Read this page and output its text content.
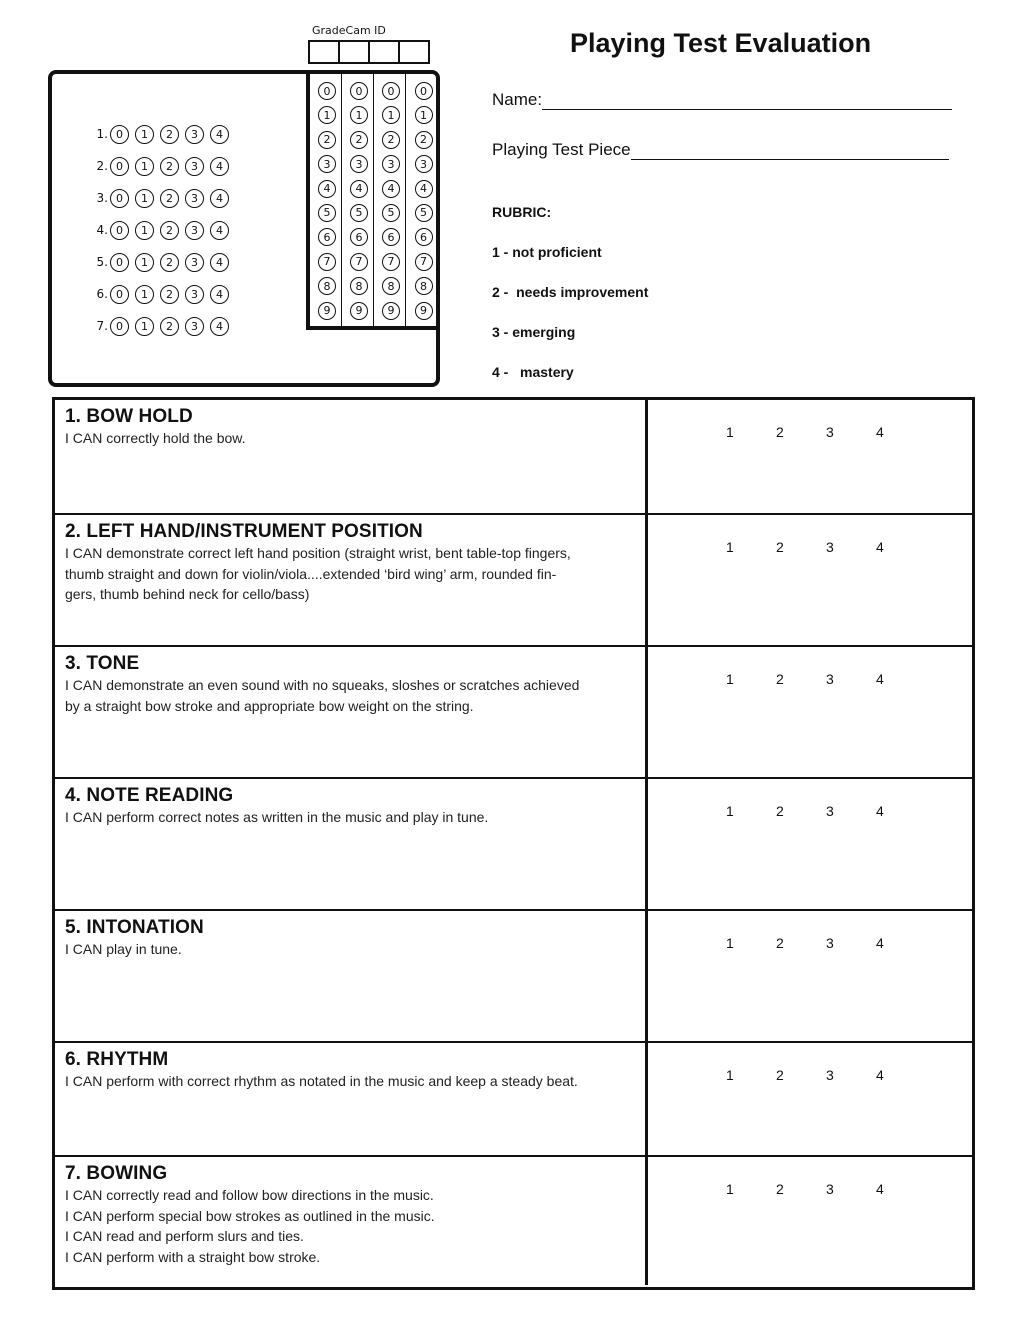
GradeCam ID
1. 0	1	2	3	4
2. 0	1	2	3	4
3. 0	1	2	3	4
4. 0	1	2	3	4
5. 0	1	2	3	4
6. 0	1	2	3	4
7. 0	1	2	3	4
0
1
2
3
4
5
6
7
8
9
0
1
2
3
4
5
6
7
8
9
0
1
2
3
4
5
6
7
8
9
0
1
2
3
4
5
6
7
8
9
Playing Test Evaluation
Name:
Playing Test Piece
RUBRIC:
1 - not proficient
2 -  needs improvement
3 - emerging
4 -   mastery
1. BOW HOLD
I CAN correctly hold the bow.	1	2	3	4
2. LEFT HAND/INSTRUMENT POSITION
I CAN demonstrate correct left hand position (straight wrist, bent table-top fingers,
thumb straight and down for violin/viola....extended ‘bird wing’ arm, rounded fin-
gers, thumb behind neck for cello/bass)
1	2	3	4
3. TONE
I CAN demonstrate an even sound with no squeaks, sloshes or scratches achieved
by a straight bow stroke and appropriate bow weight on the string.
1	2	3	4
4. NOTE READING
I CAN perform correct notes as written in the music and play in tune.	1	2	3	4
5. INTONATION
I CAN play in tune.	1	2	3	4
6. RHYTHM
I CAN perform with correct rhythm as notated in the music and keep a steady beat.	1	2	3	4
7. BOWING
I CAN correctly read and follow bow directions in the music.
I CAN perform special bow strokes as outlined in the music.
I CAN read and perform slurs and ties.
I CAN perform with a straight bow stroke.
1	2	3	4
